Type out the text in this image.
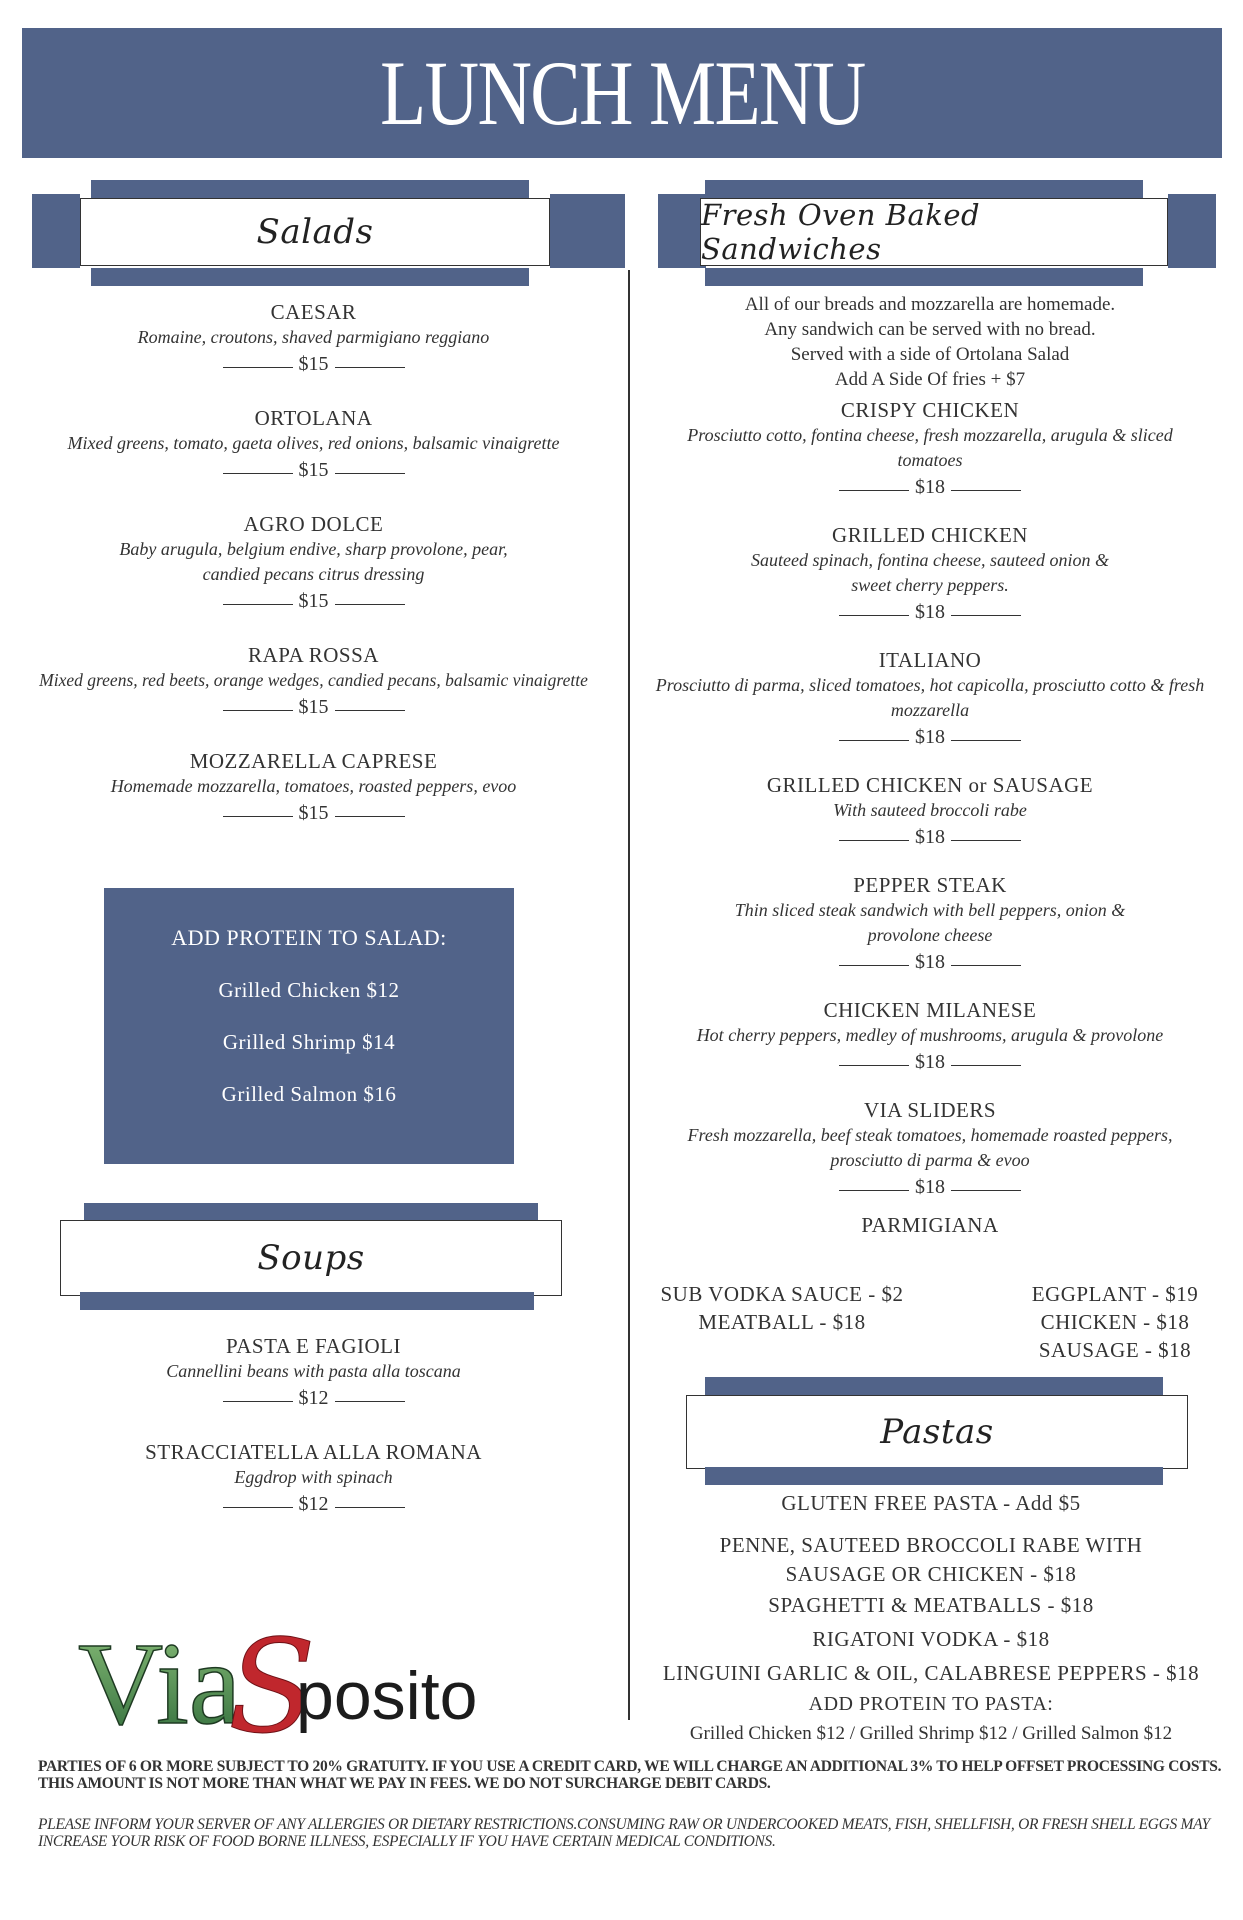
LUNCH MENU
Salads
CAESAR
Romaine, croutons, shaved parmigiano reggiano
$15
ORTOLANA
Mixed greens, tomato, gaeta olives, red onions, balsamic vinaigrette
$15
AGRO DOLCE
Baby arugula, belgium endive, sharp provolone, pear, candied pecans citrus dressing
$15
RAPA ROSSA
Mixed greens, red beets, orange wedges, candied pecans, balsamic vinaigrette
$15
MOZZARELLA CAPRESE
Homemade mozzarella, tomatoes, roasted peppers, evoo
$15
ADD PROTEIN TO SALAD:
Grilled Chicken $12
Grilled Shrimp $14
Grilled Salmon $16
Soups
PASTA E FAGIOLI
Cannellini beans with pasta alla toscana
$12
STRACCIATELLA ALLA ROMANA
Eggdrop with spinach
$12
Via
S
posito
Fresh Oven Baked Sandwiches
All of our breads and mozzarella are homemade.
Any sandwich can be served with no bread.
Served with a side of Ortolana Salad
Add A Side Of fries + $7
CRISPY CHICKEN
Prosciutto cotto, fontina cheese, fresh mozzarella, arugula & sliced tomatoes
$18
GRILLED CHICKEN
Sauteed spinach, fontina cheese, sauteed onion & sweet cherry peppers.
$18
ITALIANO
Prosciutto di parma, sliced tomatoes, hot capicolla, prosciutto cotto & fresh mozzarella
$18
GRILLED CHICKEN or SAUSAGE
With sauteed broccoli rabe
$18
PEPPER STEAK
Thin sliced steak sandwich with bell peppers, onion & provolone cheese
$18
CHICKEN MILANESE
Hot cherry peppers, medley of mushrooms, arugula & provolone
$18
VIA SLIDERS
Fresh mozzarella, beef steak tomatoes, homemade roasted peppers, prosciutto di parma & evoo
$18
PARMIGIANA
SUB VODKA SAUCE - $2
MEATBALL - $18
EGGPLANT - $19
CHICKEN - $18
SAUSAGE - $18
Pastas
GLUTEN FREE PASTA - Add $5
PENNE, SAUTEED BROCCOLI RABE WITH
SAUSAGE OR CHICKEN - $18
SPAGHETTI & MEATBALLS - $18
RIGATONI VODKA - $18
LINGUINI GARLIC & OIL, CALABRESE PEPPERS - $18
ADD PROTEIN TO PASTA:
Grilled Chicken $12 / Grilled Shrimp $12 / Grilled Salmon $12
PARTIES OF 6 OR MORE SUBJECT TO 20% GRATUITY. IF YOU USE A CREDIT CARD, WE WILL CHARGE AN ADDITIONAL 3% TO HELP OFFSET PROCESSING COSTS. THIS AMOUNT IS NOT MORE THAN WHAT WE PAY IN FEES. WE DO NOT SURCHARGE DEBIT CARDS.
PLEASE INFORM YOUR SERVER OF ANY ALLERGIES OR DIETARY RESTRICTIONS.CONSUMING RAW OR UNDERCOOKED MEATS, FISH, SHELLFISH, OR FRESH SHELL EGGS MAY INCREASE YOUR RISK OF FOOD BORNE ILLNESS, ESPECIALLY IF YOU HAVE CERTAIN MEDICAL CONDITIONS.
